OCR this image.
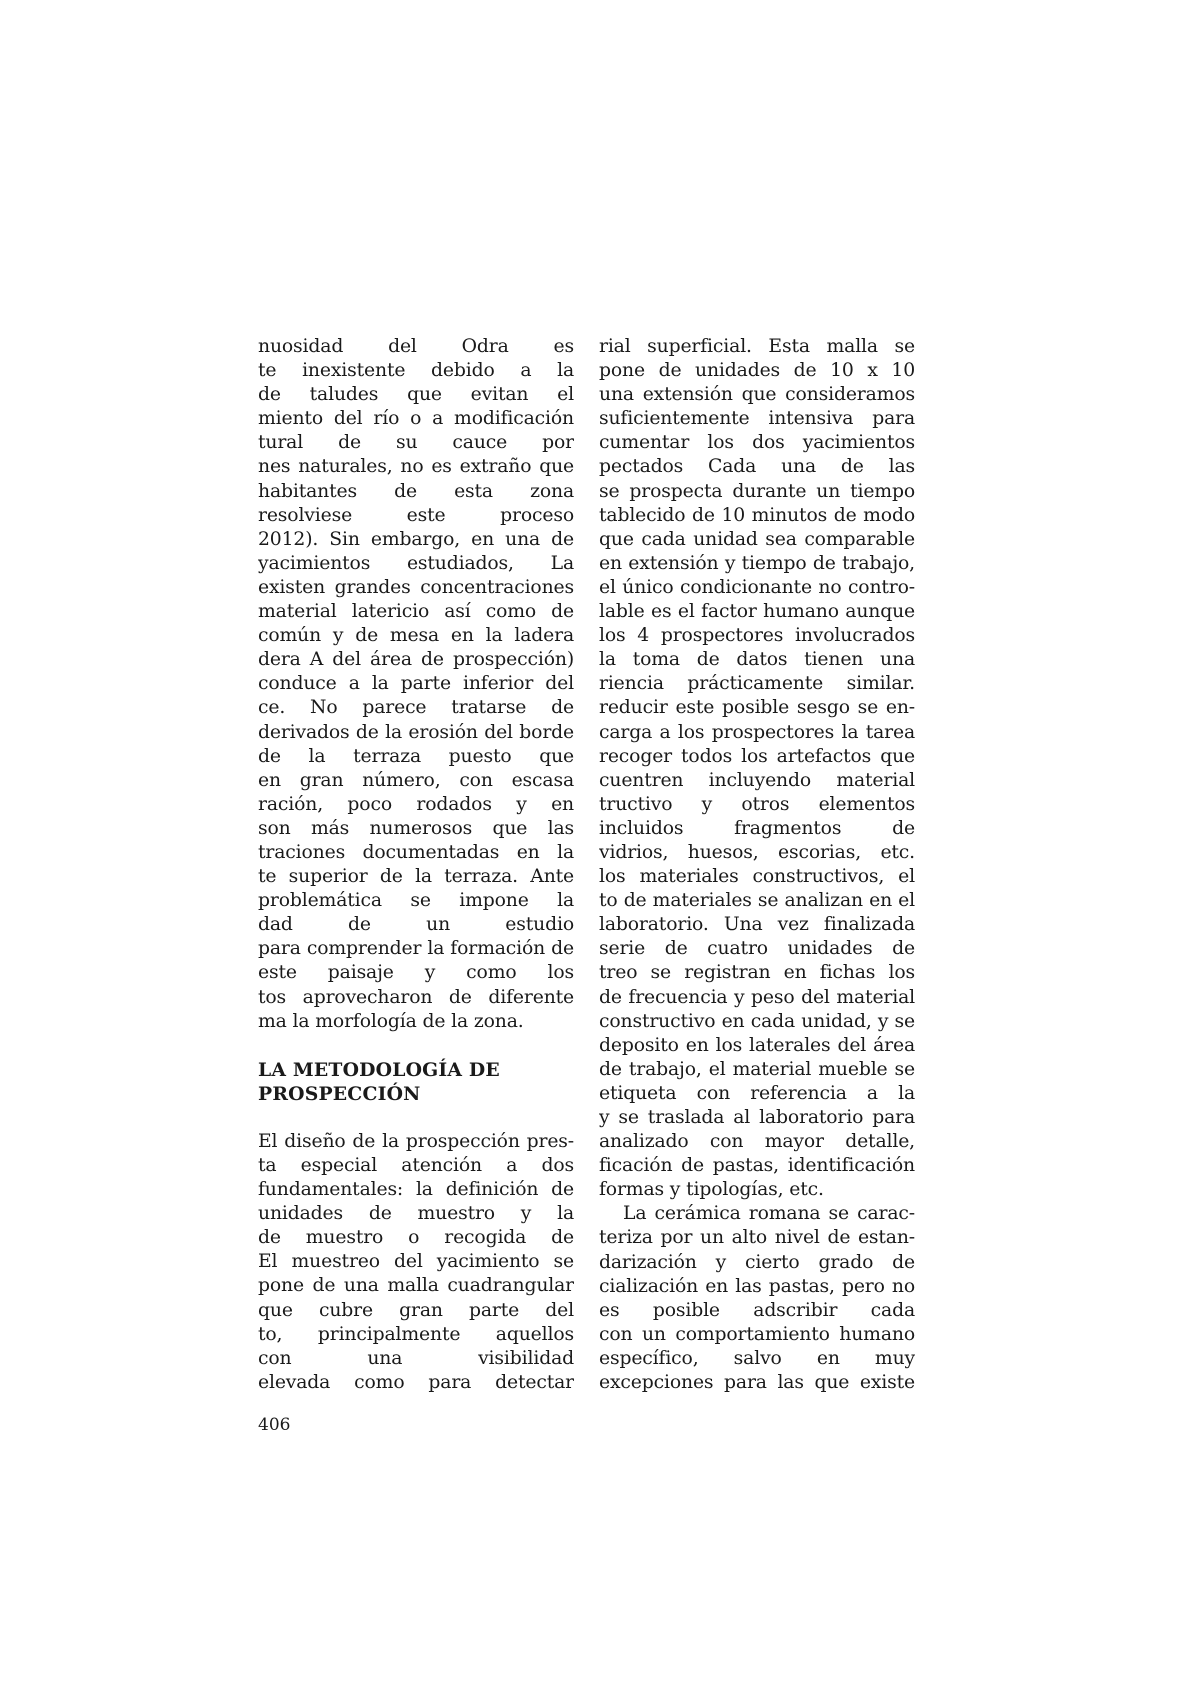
nuosidad del Odra es
te inexistente debido a la
de taludes que evitan el
miento del río o a modificación
tural de su cauce por
nes naturales, no es extraño que
habitantes de esta zona
resolviese este proceso
2012). Sin embargo, en una de
yacimientos estudiados, La
existen grandes concentraciones
material latericio así como de
común y de mesa en la ladera
dera A del área de prospección)
conduce a la parte inferior del
ce. No parece tratarse de
derivados de la erosión del borde
de la terraza puesto que
en gran número, con escasa
ración, poco rodados y en
son más numerosos que las
traciones documentadas en la
te superior de la terraza. Ante
problemática se impone la
dad de un estudio
para comprender la formación de
este paisaje y como los
tos aprovecharon de diferente
ma la morfología de la zona.
LA METODOLOGÍA DE
PROSPECCIÓN
El diseño de la prospección pres-
ta especial atención a dos
fundamentales: la definición de
unidades de muestro y la
de muestro o recogida de
El muestreo del yacimiento se
pone de una malla cuadrangular
que cubre gran parte del
to, principalmente aquellos
con una visibilidad
elevada como para detectar
rial superficial. Esta malla se
pone de unidades de 10 x 10
una extensión que consideramos
suficientemente intensiva para
cumentar los dos yacimientos
pectados Cada una de las
se prospecta durante un tiempo
tablecido de 10 minutos de modo
que cada unidad sea comparable
en extensión y tiempo de trabajo,
el único condicionante no contro-
lable es el factor humano aunque
los 4 prospectores involucrados
la toma de datos tienen una
riencia prácticamente similar.
reducir este posible sesgo se en-
carga a los prospectores la tarea
recoger todos los artefactos que
cuentren incluyendo material
tructivo y otros elementos
incluidos fragmentos de
vidrios, huesos, escorias, etc.
los materiales constructivos, el
to de materiales se analizan en el
laboratorio. Una vez finalizada
serie de cuatro unidades de
treo se registran en fichas los
de frecuencia y peso del material
constructivo en cada unidad, y se
deposito en los laterales del área
de trabajo, el material mueble se
etiqueta con referencia a la
y se traslada al laboratorio para
analizado con mayor detalle,
ficación de pastas, identificación
formas y tipologías, etc.
La cerámica romana se carac-
teriza por un alto nivel de estan-
darización y cierto grado de
cialización en las pastas, pero no
es posible adscribir cada
con un comportamiento humano
específico, salvo en muy
excepciones para las que existe
406
